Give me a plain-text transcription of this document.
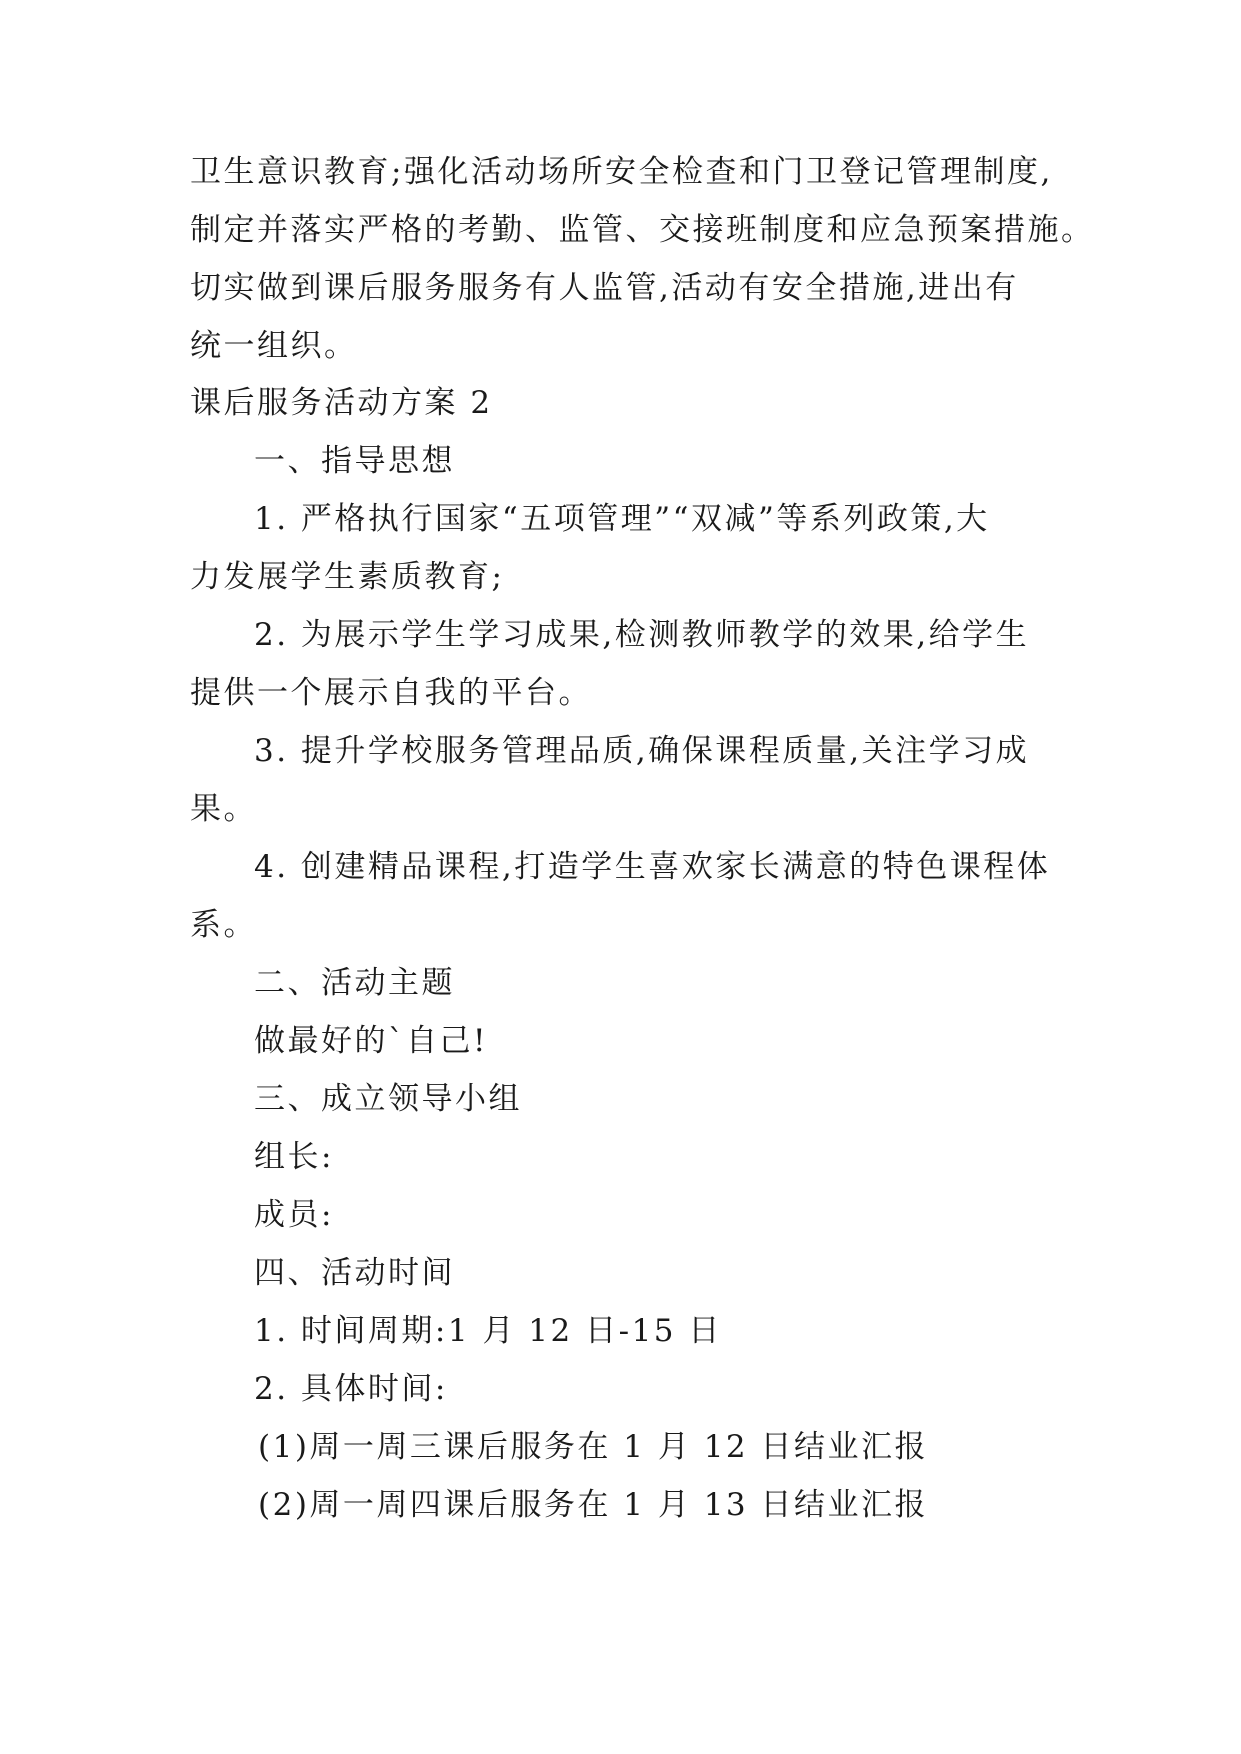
卫生意识教育;强化活动场所安全检查和门卫登记管理制度,
制定并落实严格的考勤、监管、交接班制度和应急预案措施。
切实做到课后服务服务有人监管,活动有安全措施,进出有
统一组织。
课后服务活动方案 2
一、指导思想
1. 严格执行国家“五项管理”“双减”等系列政策,大
力发展学生素质教育;
2. 为展示学生学习成果,检测教师教学的效果,给学生
提供一个展示自我的平台。
3. 提升学校服务管理品质,确保课程质量,关注学习成
果。
4. 创建精品课程,打造学生喜欢家长满意的特色课程体
系。
二、活动主题
做最好的`自己!
三、成立领导小组
组长:
成员:
四、活动时间
1. 时间周期:1 月 12 日-15 日
2. 具体时间:
(1)周一周三课后服务在 1 月 12 日结业汇报
(2)周一周四课后服务在 1 月 13 日结业汇报
